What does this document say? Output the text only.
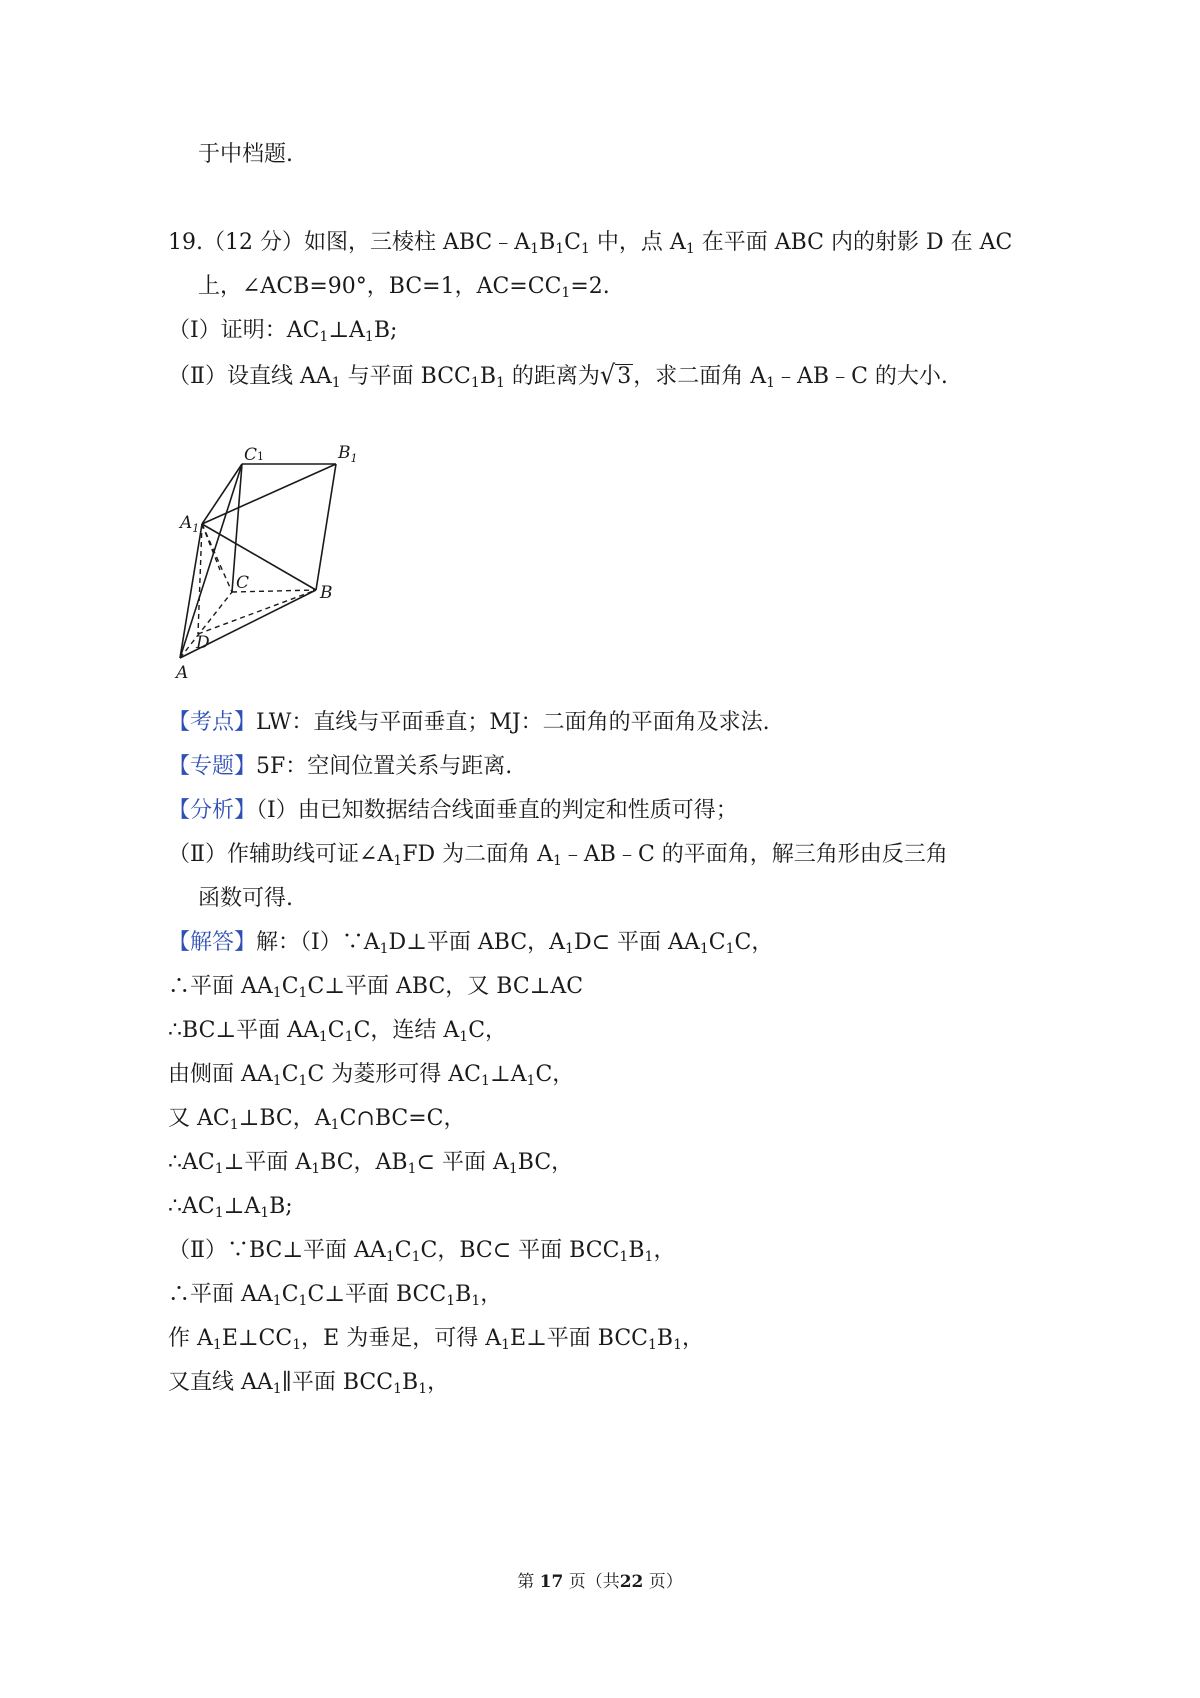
于中档题.
19.（12 分）如图，三棱柱 $ABC﹣A_1B_1C_1$ 中，点 $A_1$ 在平面 ABC 内的射影 D 在 AC
上，∠ACB=90°，BC=1，$AC=CC_1=2$.
（Ⅰ）证明：$AC_1\perp A_1B$;
（Ⅱ）设直线 $AA_1$ 与平面 $BCC_1B_1$ 的距离为√3，求二面角 $A_1﹣AB﹣C$ 的大小.
C1	$B_1$
$A_1$
C	B
D
A
【考点】LW：直线与平面垂直；MJ：二面角的平面角及求法.
【专题】5F：空间位置关系与距离.
【分析】（Ⅰ）由已知数据结合线面垂直的判定和性质可得；
（Ⅱ）作辅助线可证$\angle A_1FD$ 为二面角 $A_1﹣AB﹣C$ 的平面角，解三角形由反三角
函数可得.
【解答】解：$(Ⅰ)\because A_1D\perp$平面 ABC，$A_1D\subset$ 平面 $AA_1C_1C$，
∴平面 $AA_1C_1C\perp$平面 ABC，又 BC⊥AC
∴BC⊥平面 $AA_1C_1C$，连结 $A_1C$，
由侧面 $AA_1C_1C$ 为菱形可得 $AC_1\perp A_1C$，
又 $AC_1\perp BC$，$A_1C\cap BC=C$，
$\therefore AC_1\perp$平面 $A_1BC$，$AB_1\subset$ 平面 $A_1BC$，
$\therefore AC_1\perp A_1B$;
（Ⅱ）∵BC⊥平面 $AA_1C_1C$，BC⊂ 平面 $BCC_1B_1$，
∴平面 $AA_1C_1C\perp$平面 $BCC_1B_1$，
作 $A_1E\perp CC_1$，E 为垂足，可得 $A_1E\perp$平面 $BCC_1B_1$，
又直线 $AA_1\parallel$平面 $BCC_1B_1$，
第 17 页（共22 页）
